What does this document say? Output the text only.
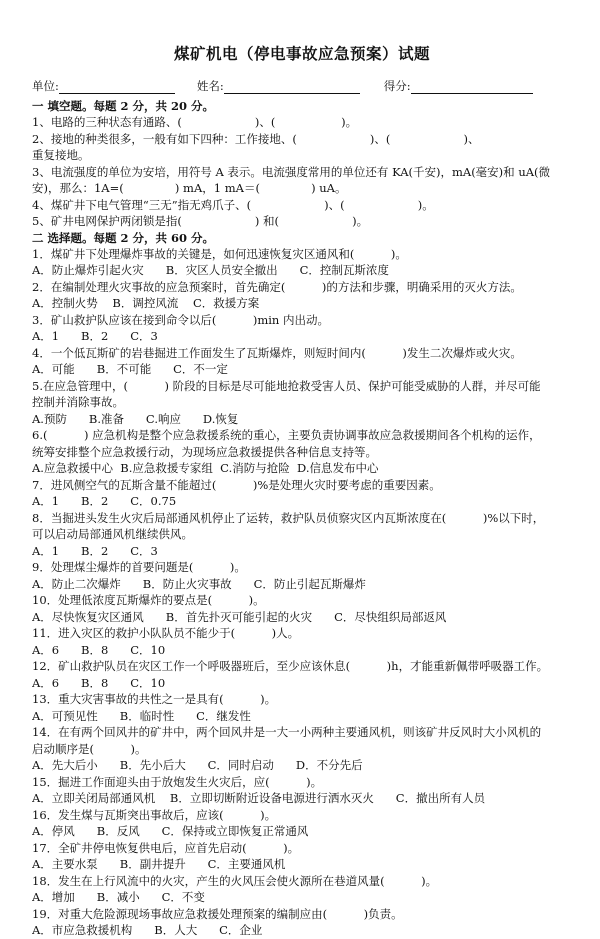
煤矿机电（停电事故应急预案）试题
单位:	姓名:	得分:
一 填空题。每题 2 分，共 20 分。
1、电路的三种状态有通路、(                    )、(                  )。
2、接地的种类很多，一般有如下四种：工作接地、(                    )、(                    )、
重复接地。
3、电流强度的单位为安培，用符号 A 表示。电流强度常用的单位还有 KA(千安)，mA(毫安)和 uA(微
安)，那么：1A=(              ) mA，1 mA＝(              ) uA。
4、煤矿井下电气管理“三无”指无鸡爪子、(                    )、(                    )。
5、矿井电网保护两闭锁是指(                    ) 和(                    )。
二 选择题。每题 2 分，共 60 分。
1．煤矿井下处理爆炸事故的关键是，如何迅速恢复灾区通风和(          )。
A．防止爆炸引起火灾      B．灾区人员安全撤出      C．控制瓦斯浓度
2．在编制处理火灾事故的应急预案时，首先确定(          )的方法和步骤，明确采用的灭火方法。
A．控制火势    B．调控风流    C．救援方案
3．矿山救护队应该在接到命令以后(          )min 内出动。
A．1      B．2      C．3
4．一个低瓦斯矿的岩巷掘进工作面发生了瓦斯爆炸，则短时间内(          )发生二次爆炸或火灾。
A．可能      B．不可能      C．不一定
5.在应急管理中，(          ) 阶段的目标是尽可能地抢救受害人员、保护可能受威胁的人群，并尽可能
控制并消除事故。
A.预防      B.准备      C.响应      D.恢复
6.(          ) 应急机构是整个应急救援系统的重心，主要负责协调事故应急救援期间各个机构的运作，
统筹安排整个应急救援行动，为现场应急救援提供各种信息支持等。
A.应急救援中心  B.应急救援专家组  C.消防与抢险  D.信息发布中心
7．进风侧空气的瓦斯含量不能超过(          )%是处理火灾时要考虑的重要因素。
A．1      B．2      C．0.75
8．当掘进头发生火灾后局部通风机停止了运转，救护队员侦察灾区内瓦斯浓度在(          )%以下时，
可以启动局部通风机继续供风。
A．1      B．2      C．3
9．处理煤尘爆炸的首要问题是(          )。
A．防止二次爆炸      B．防止火灾事故      C．防止引起瓦斯爆炸
10．处理低浓度瓦斯爆炸的要点是(          )。
A．尽快恢复灾区通风      B．首先扑灭可能引起的火灾      C．尽快组织局部返风
11．进入灾区的救护小队队员不能少于(          )人。
A．6      B．8      C．10
12．矿山救护队员在灾区工作一个呼吸器班后，至少应该休息(          )h，才能重新佩带呼吸器工作。
A．6      B．8      C．10
13．重大灾害事故的共性之一是具有(          )。
A．可预见性      B．临时性      C．继发性
14．在有两个回风井的矿井中，两个回风井是一大一小两种主要通风机，则该矿井反风时大小风机的
启动顺序是(          )。
A．先大后小      B．先小后大      C．同时启动      D．不分先后
15．掘进工作面迎头由于放炮发生火灾后，应(          )。
A．立即关闭局部通风机    B．立即切断附近设备电源进行洒水灭火      C．撤出所有人员
16．发生煤与瓦斯突出事故后，应该(          )。
A．停风      B．反风      C．保持或立即恢复正常通风
17．全矿井停电恢复供电后，应首先启动(          )。
A．主要水泵      B．副井提升      C．主要通风机
18．发生在上行风流中的火灾，产生的火风压会使火源所在巷道风量(          )。
A．增加      B．减小      C．不变
19．对重大危险源现场事故应急救援处理预案的编制应由(          )负责。
A．市应急救援机构      B．人大      C．企业
